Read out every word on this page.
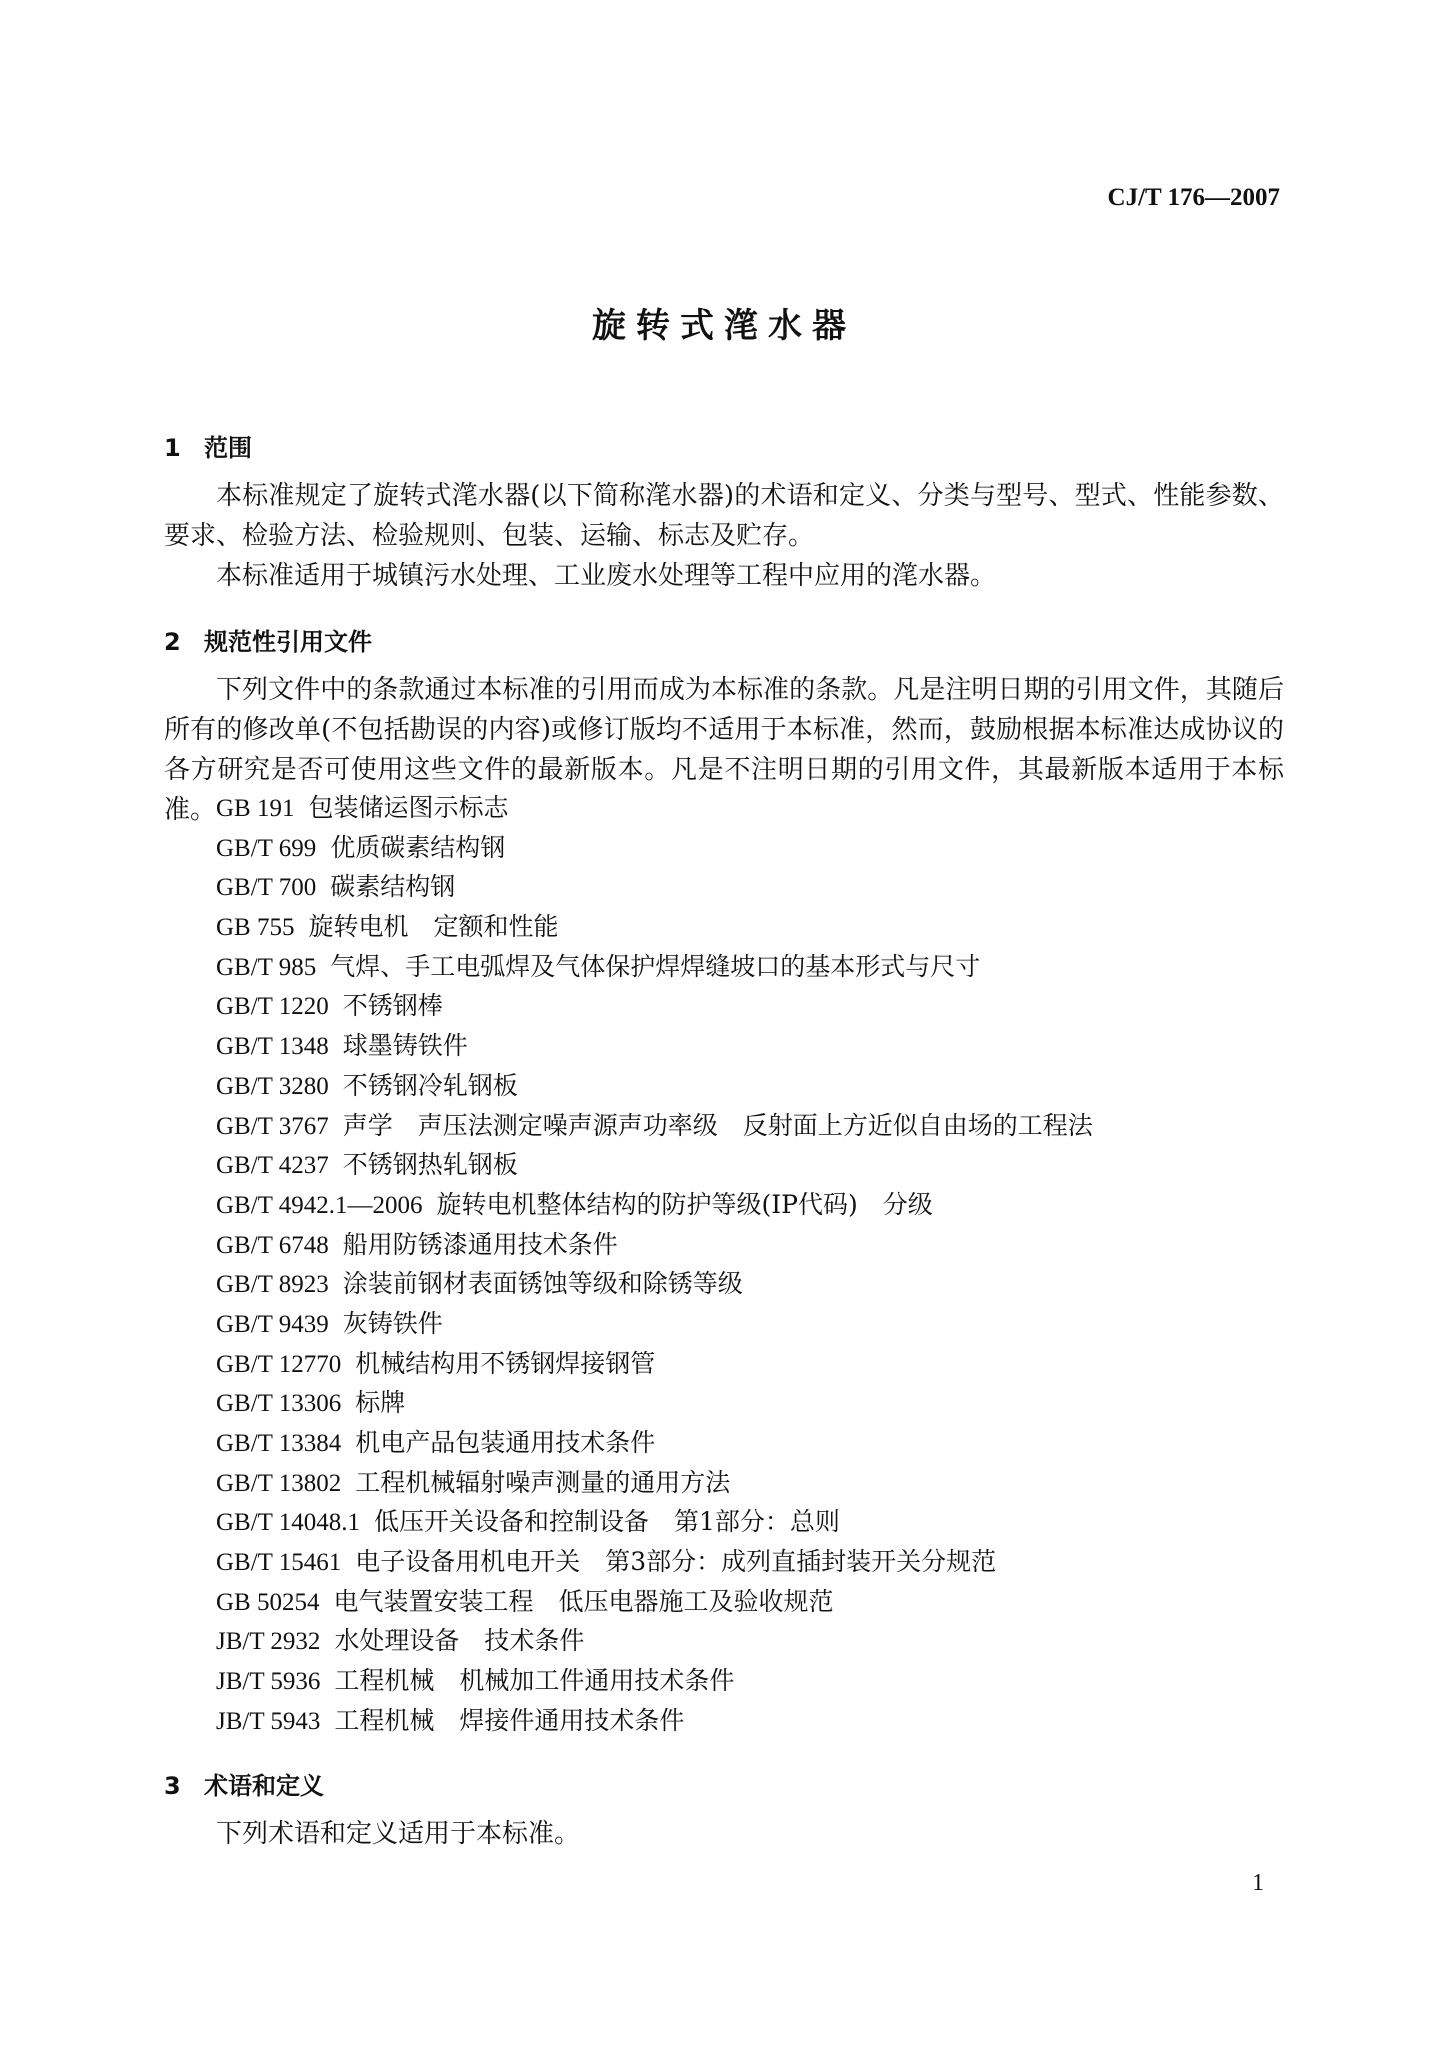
CJ/T 176—2007
旋转式滗水器
1 范围
本标准规定了旋转式滗水器(以下简称滗水器)的术语和定义、分类与型号、型式、性能参数、要求、检验方法、检验规则、包装、运输、标志及贮存。
本标准适用于城镇污水处理、工业废水处理等工程中应用的滗水器。
2 规范性引用文件
下列文件中的条款通过本标准的引用而成为本标准的条款。凡是注明日期的引用文件，其随后所有的修改单(不包括勘误的内容)或修订版均不适用于本标准，然而，鼓励根据本标准达成协议的各方研究是否可使用这些文件的最新版本。凡是不注明日期的引用文件，其最新版本适用于本标准。 GB 191 包装储运图示标志
GB/T 699 优质碳素结构钢
GB/T 700 碳素结构钢
GB 755 旋转电机　定额和性能
GB/T 985 气焊、手工电弧焊及气体保护焊焊缝坡口的基本形式与尺寸
GB/T 1220 不锈钢棒
GB/T 1348 球墨铸铁件
GB/T 3280 不锈钢冷轧钢板
GB/T 3767 声学　声压法测定噪声源声功率级　反射面上方近似自由场的工程法
GB/T 4237 不锈钢热轧钢板
GB/T 4942.1—2006 旋转电机整体结构的防护等级(IP代码)　分级
GB/T 6748 船用防锈漆通用技术条件
GB/T 8923 涂装前钢材表面锈蚀等级和除锈等级
GB/T 9439 灰铸铁件
GB/T 12770 机械结构用不锈钢焊接钢管
GB/T 13306 标牌
GB/T 13384 机电产品包装通用技术条件
GB/T 13802 工程机械辐射噪声测量的通用方法
GB/T 14048.1 低压开关设备和控制设备　第1部分：总则
GB/T 15461 电子设备用机电开关　第3部分：成列直插封装开关分规范
GB 50254 电气装置安装工程　低压电器施工及验收规范
JB/T 2932 水处理设备　技术条件
JB/T 5936 工程机械　机械加工件通用技术条件
JB/T 5943 工程机械　焊接件通用技术条件
3 术语和定义
下列术语和定义适用于本标准。
1
